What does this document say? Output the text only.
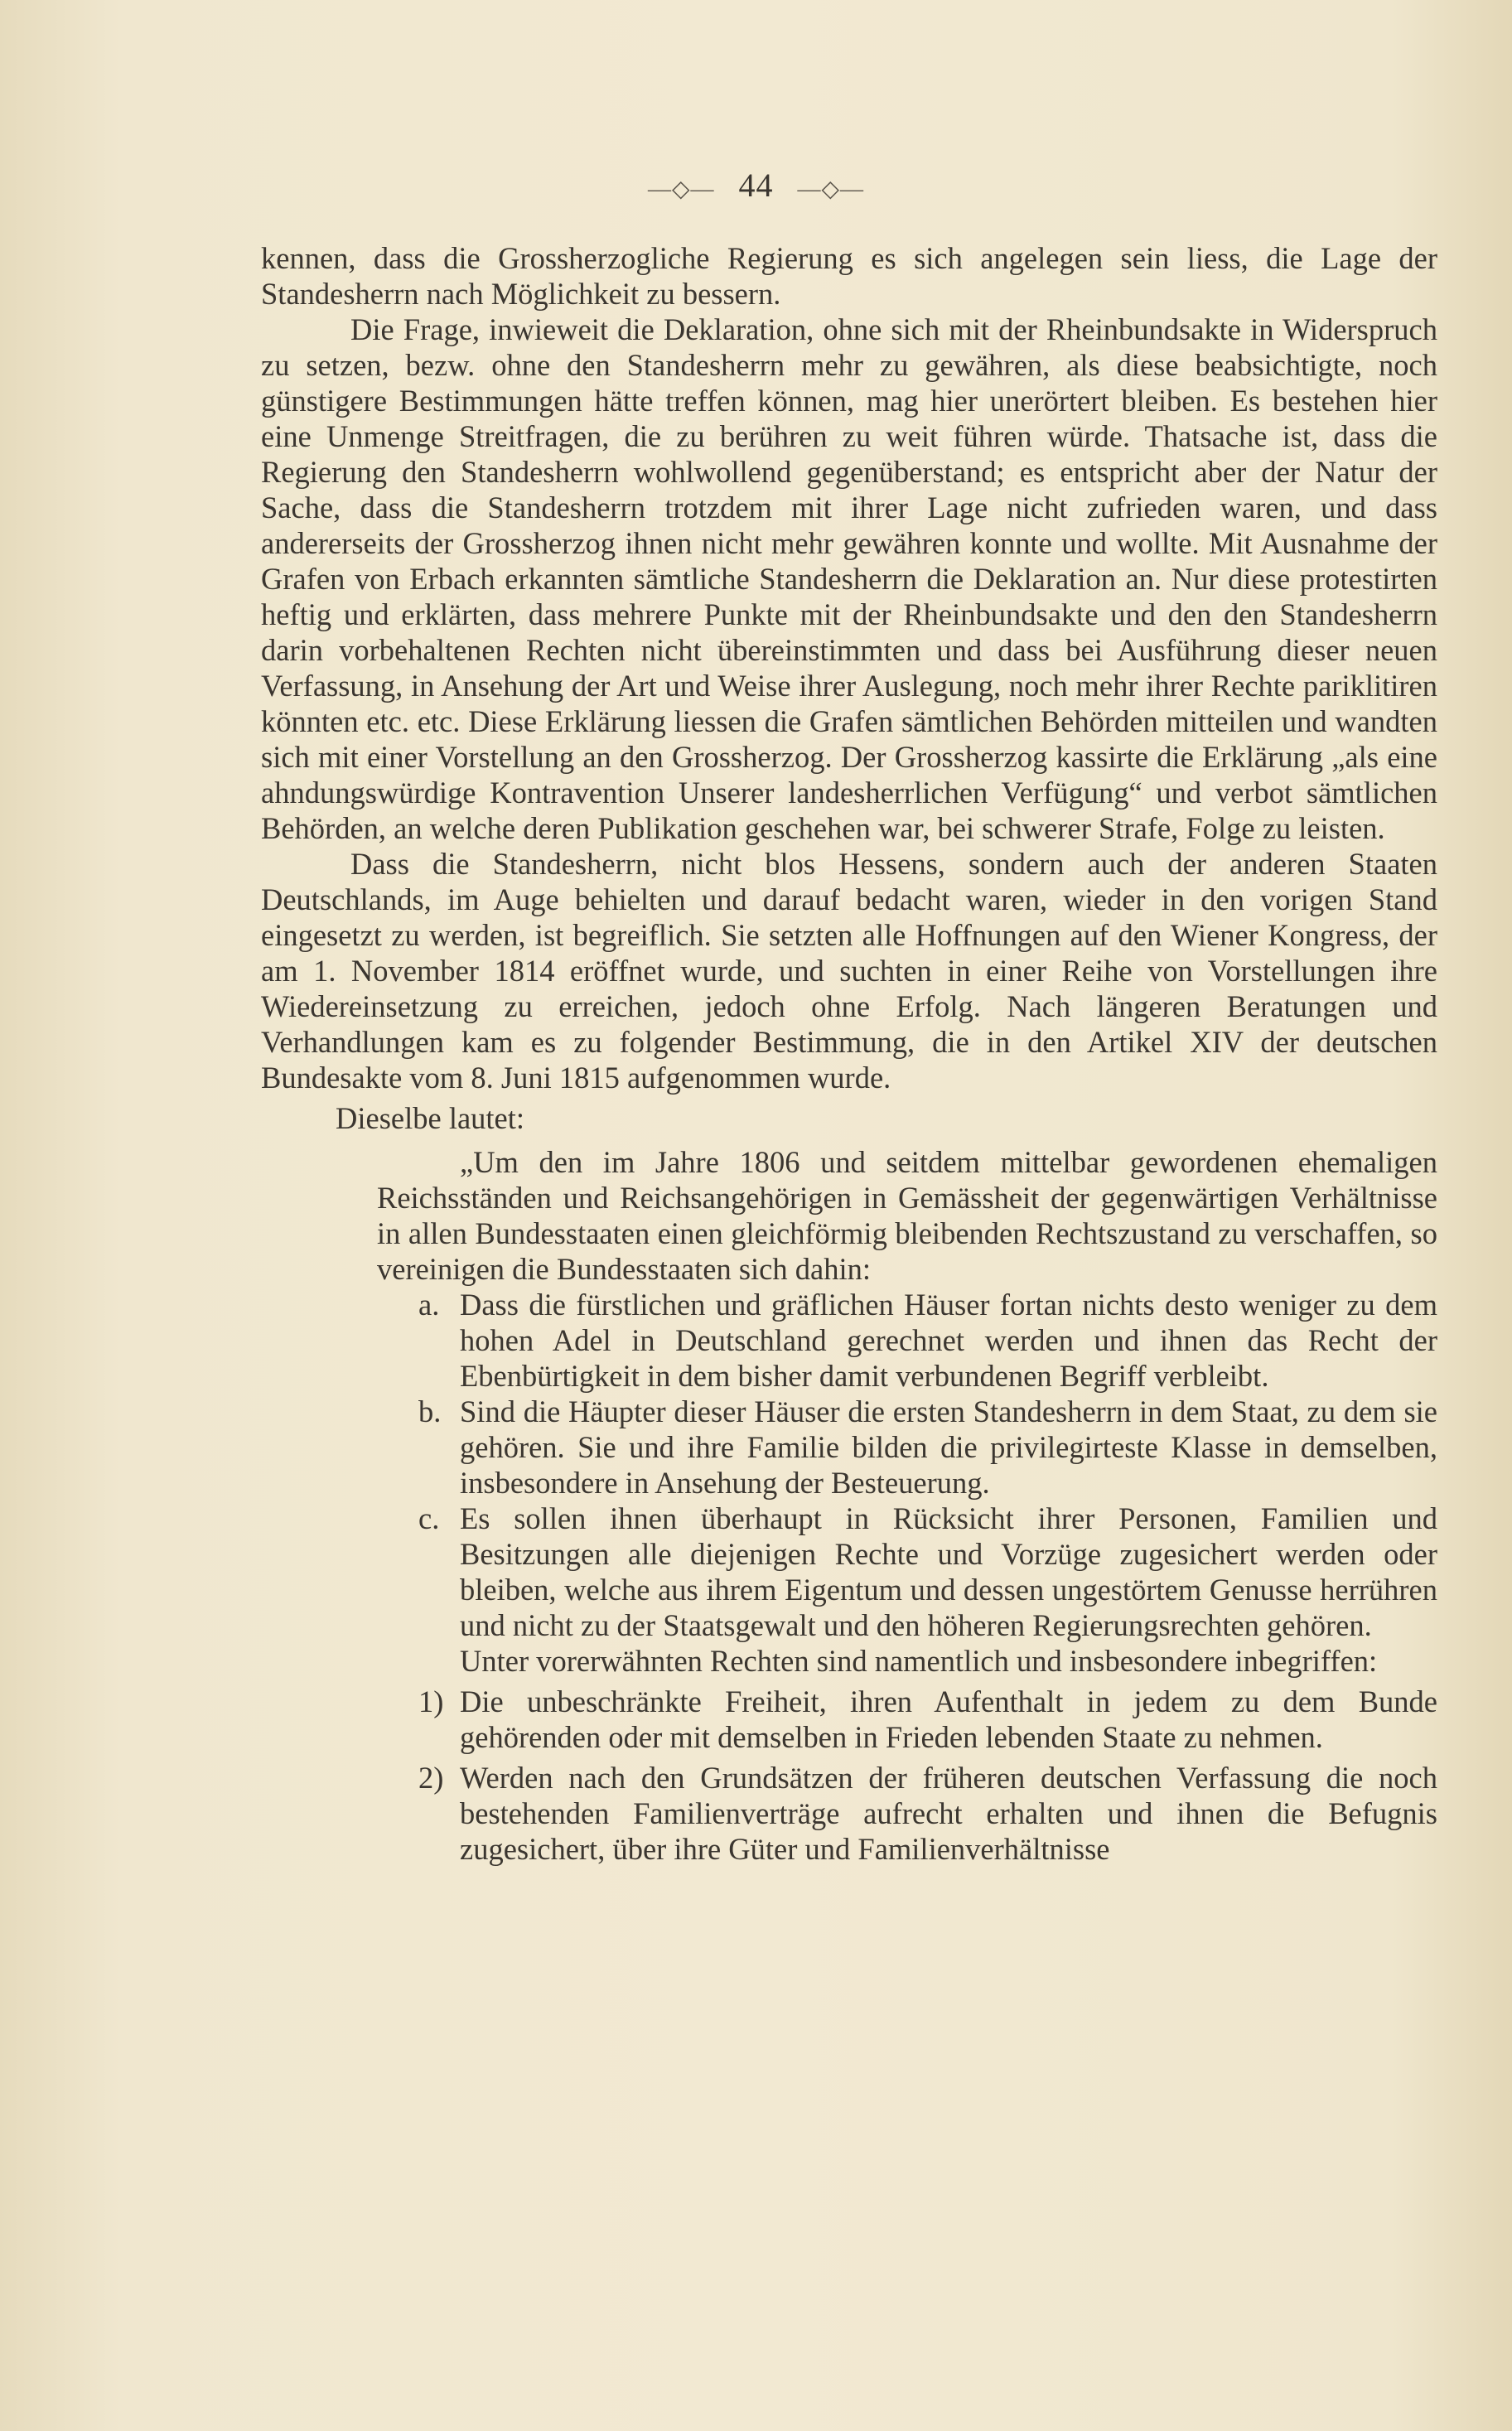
—◇— 44 —◇—

kennen, dass die Grossherzogliche Regierung es sich angelegen sein liess, die Lage der Standesherrn nach Möglichkeit zu bessern.

Die Frage, inwieweit die Deklaration, ohne sich mit der Rheinbundsakte in Widerspruch zu setzen, bezw. ohne den Standesherrn mehr zu gewähren, als diese beabsichtigte, noch günstigere Bestimmungen hätte treffen können, mag hier unerörtert bleiben. Es bestehen hier eine Unmenge Streitfragen, die zu berühren zu weit führen würde. Thatsache ist, dass die Regierung den Standesherrn wohlwollend gegenüberstand; es entspricht aber der Natur der Sache, dass die Standesherrn trotzdem mit ihrer Lage nicht zufrieden waren, und dass andererseits der Grossherzog ihnen nicht mehr gewähren konnte und wollte. Mit Ausnahme der Grafen von Erbach erkannten sämtliche Standesherrn die Deklaration an. Nur diese protestirten heftig und erklärten, dass mehrere Punkte mit der Rheinbundsakte und den den Standesherrn darin vorbehaltenen Rechten nicht übereinstimmten und dass bei Ausführung dieser neuen Verfassung, in Ansehung der Art und Weise ihrer Auslegung, noch mehr ihrer Rechte pariklitiren könnten etc. etc. Diese Erklärung liessen die Grafen sämtlichen Behörden mitteilen und wandten sich mit einer Vorstellung an den Grossherzog. Der Grossherzog kassirte die Erklärung „als eine ahndungswürdige Kontravention Unserer landesherrlichen Verfügung“ und verbot sämtlichen Behörden, an welche deren Publikation geschehen war, bei schwerer Strafe, Folge zu leisten.

Dass die Standesherrn, nicht blos Hessens, sondern auch der anderen Staaten Deutschlands, im Auge behielten und darauf bedacht waren, wieder in den vorigen Stand eingesetzt zu werden, ist begreiflich. Sie setzten alle Hoffnungen auf den Wiener Kongress, der am 1. November 1814 eröffnet wurde, und suchten in einer Reihe von Vorstellungen ihre Wiedereinsetzung zu erreichen, jedoch ohne Erfolg. Nach längeren Beratungen und Verhandlungen kam es zu folgender Bestimmung, die in den Artikel XIV der deutschen Bundesakte vom 8. Juni 1815 aufgenommen wurde.

Dieselbe lautet:

„Um den im Jahre 1806 und seitdem mittelbar gewordenen ehemaligen Reichsständen und Reichsangehörigen in Gemässheit der gegenwärtigen Verhältnisse in allen Bundesstaaten einen gleichförmig bleibenden Rechtszustand zu verschaffen, so vereinigen die Bundesstaaten sich dahin:

a. Dass die fürstlichen und gräflichen Häuser fortan nichts desto weniger zu dem hohen Adel in Deutschland gerechnet werden und ihnen das Recht der Ebenbürtigkeit in dem bisher damit verbundenen Begriff verbleibt.
b. Sind die Häupter dieser Häuser die ersten Standesherrn in dem Staat, zu dem sie gehören. Sie und ihre Familie bilden die privilegirteste Klasse in demselben, insbesondere in Ansehung der Besteuerung.
c. Es sollen ihnen überhaupt in Rücksicht ihrer Personen, Familien und Besitzungen alle diejenigen Rechte und Vorzüge zugesichert werden oder bleiben, welche aus ihrem Eigentum und dessen ungestörtem Genusse herrühren und nicht zu der Staatsgewalt und den höheren Regierungsrechten gehören.

Unter vorerwähnten Rechten sind namentlich und insbesondere inbegriffen:

1) Die unbeschränkte Freiheit, ihren Aufenthalt in jedem zu dem Bunde gehörenden oder mit demselben in Frieden lebenden Staate zu nehmen.
2) Werden nach den Grundsätzen der früheren deutschen Verfassung die noch bestehenden Familienverträge aufrecht erhalten und ihnen die Befugnis zugesichert, über ihre Güter und Familienverhältnisse
